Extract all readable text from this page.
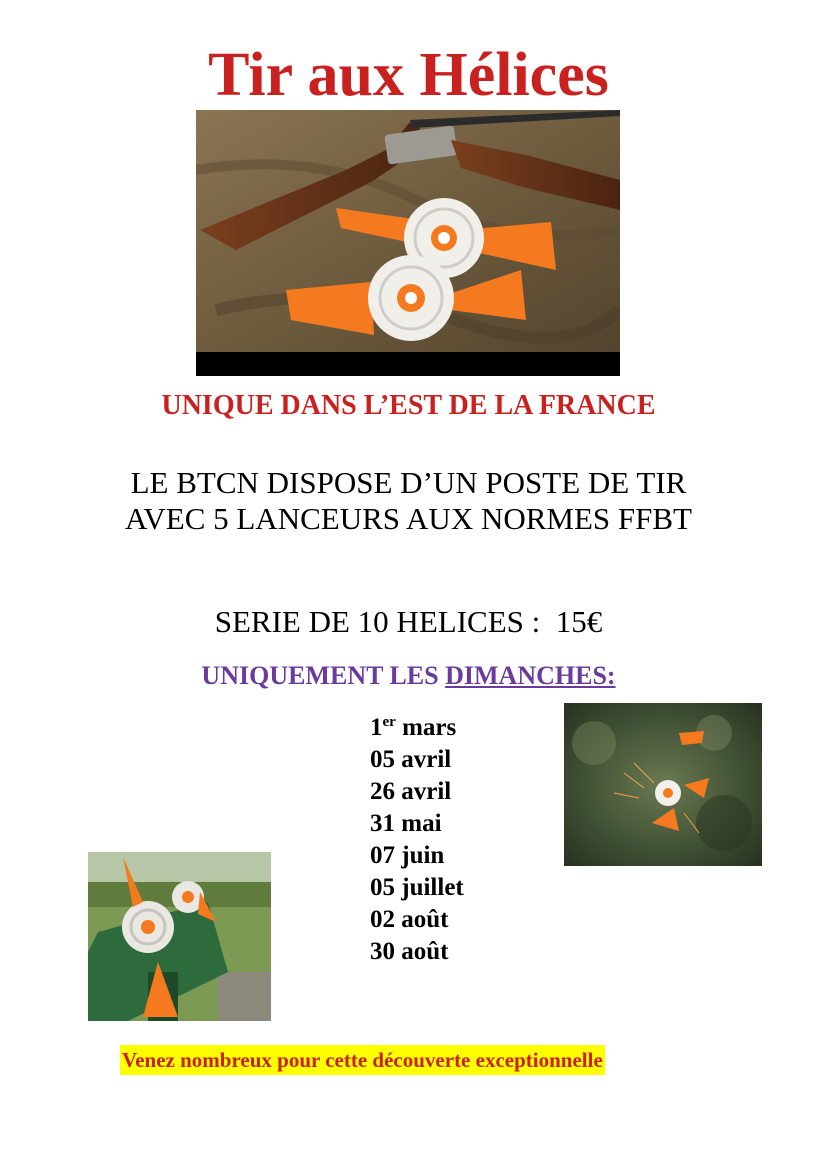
Tir aux Hélices
UNIQUE DANS L’EST DE LA FRANCE
LE BTCN DISPOSE D’UN POSTE DE TIR
AVEC 5 LANCEURS AUX NORMES FFBT
SERIE DE 10 HELICES :  15€
UNIQUEMENT LES DIMANCHES:
1er mars
05 avril
26 avril
31 mai
07 juin
05 juillet
02 août
30 août
Venez nombreux pour cette découverte exceptionnelle
